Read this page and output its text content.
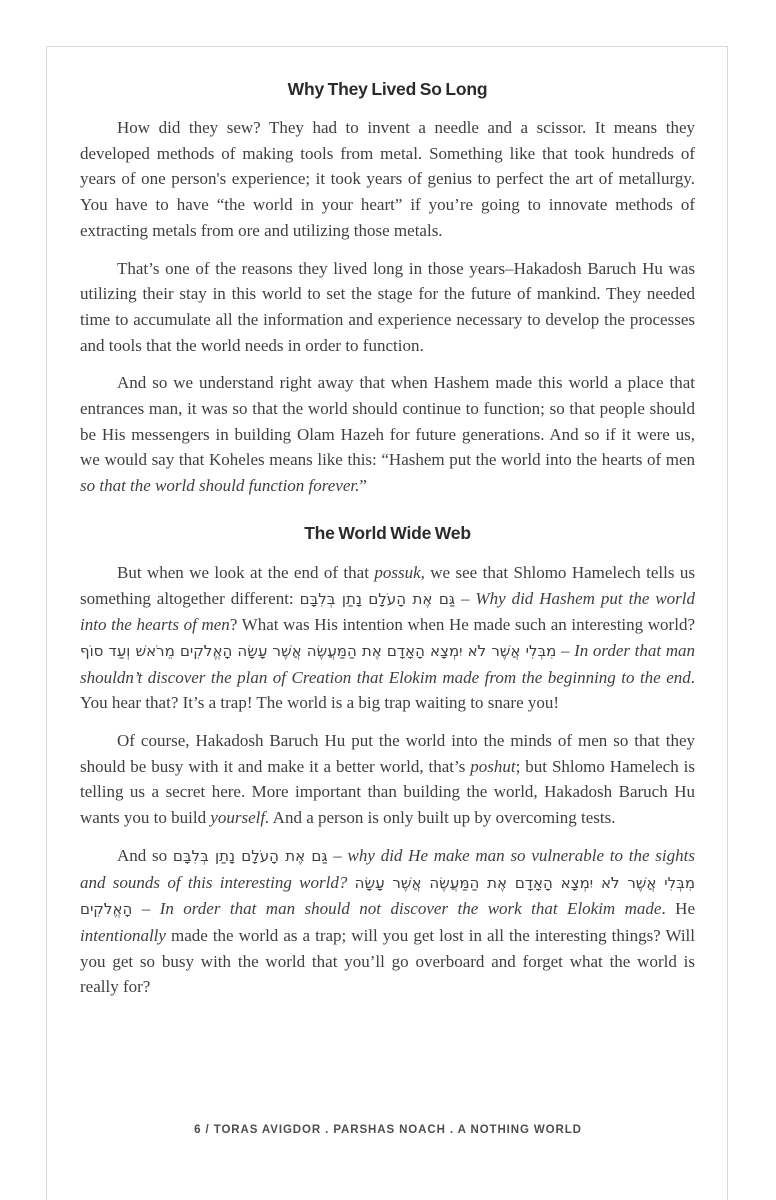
Why They Lived So Long

How did they sew? They had to invent a needle and a scissor. It means they developed methods of making tools from metal. Something like that took hundreds of years of one person's experience; it took years of genius to perfect the art of metallurgy. You have to have “the world in your heart” if you’re going to innovate methods of extracting metals from ore and utilizing those metals.

That’s one of the reasons they lived long in those years–Hakadosh Baruch Hu was utilizing their stay in this world to set the stage for the future of mankind. They needed time to accumulate all the information and experience necessary to develop the processes and tools that the world needs in order to function.

And so we understand right away that when Hashem made this world a place that entrances man, it was so that the world should continue to function; so that people should be His messengers in building Olam Hazeh for future generations. And so if it were us, we would say that Koheles means like this: “Hashem put the world into the hearts of men so that the world should function forever.”

The World Wide Web

But when we look at the end of that possuk, we see that Shlomo Hamelech tells us something altogether different: גַּם אֶת הָעֹלָם נָתַן בְּלִבָּם – Why did Hashem put the world into the hearts of men? What was His intention when He made such an interesting world? מִבְּלִי אֲשֶׁר לֹא יִמְצָא הָאָדָם אֶת הַמַּעֲשֶׂה אֲשֶׁר עָשָׂה הָאֱלֹקִים מֵרֹאשׁ וְעַד סוֹף – In order that man shouldn’t discover the plan of Creation that Elokim made from the beginning to the end. You hear that? It’s a trap! The world is a big trap waiting to snare you!

Of course, Hakadosh Baruch Hu put the world into the minds of men so that they should be busy with it and make it a better world, that’s poshut; but Shlomo Hamelech is telling us a secret here. More important than building the world, Hakadosh Baruch Hu wants you to build yourself. And a person is only built up by overcoming tests.

And so גַּם אֶת הָעֹלָם נָתַן בְּלִבָּם – why did He make man so vulnerable to the sights and sounds of this interesting world? מִבְּלִי אֲשֶׁר לֹא יִמְצָא הָאָדָם אֶת הַמַּעֲשֶׂה אֲשֶׁר עָשָׂה הָאֱלֹקִים – In order that man should not discover the work that Elokim made. He intentionally made the world as a trap; will you get lost in all the interesting things? Will you get so busy with the world that you’ll go overboard and forget what the world is really for?

6 / TORAS AVIGDOR . PARSHAS NOACH . A NOTHING WORLD
